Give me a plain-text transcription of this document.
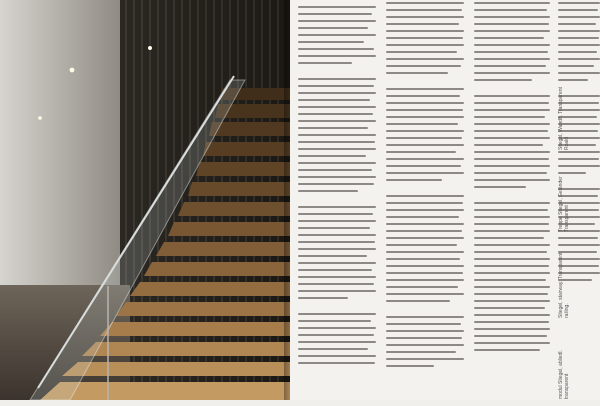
Stiegel, Wandfl. Transparent Roald
Treppe Stiegel, Geländer Transparent
Stiegel, stairway. Transparent railing.
modul Stiegel, abliedl. transparent
